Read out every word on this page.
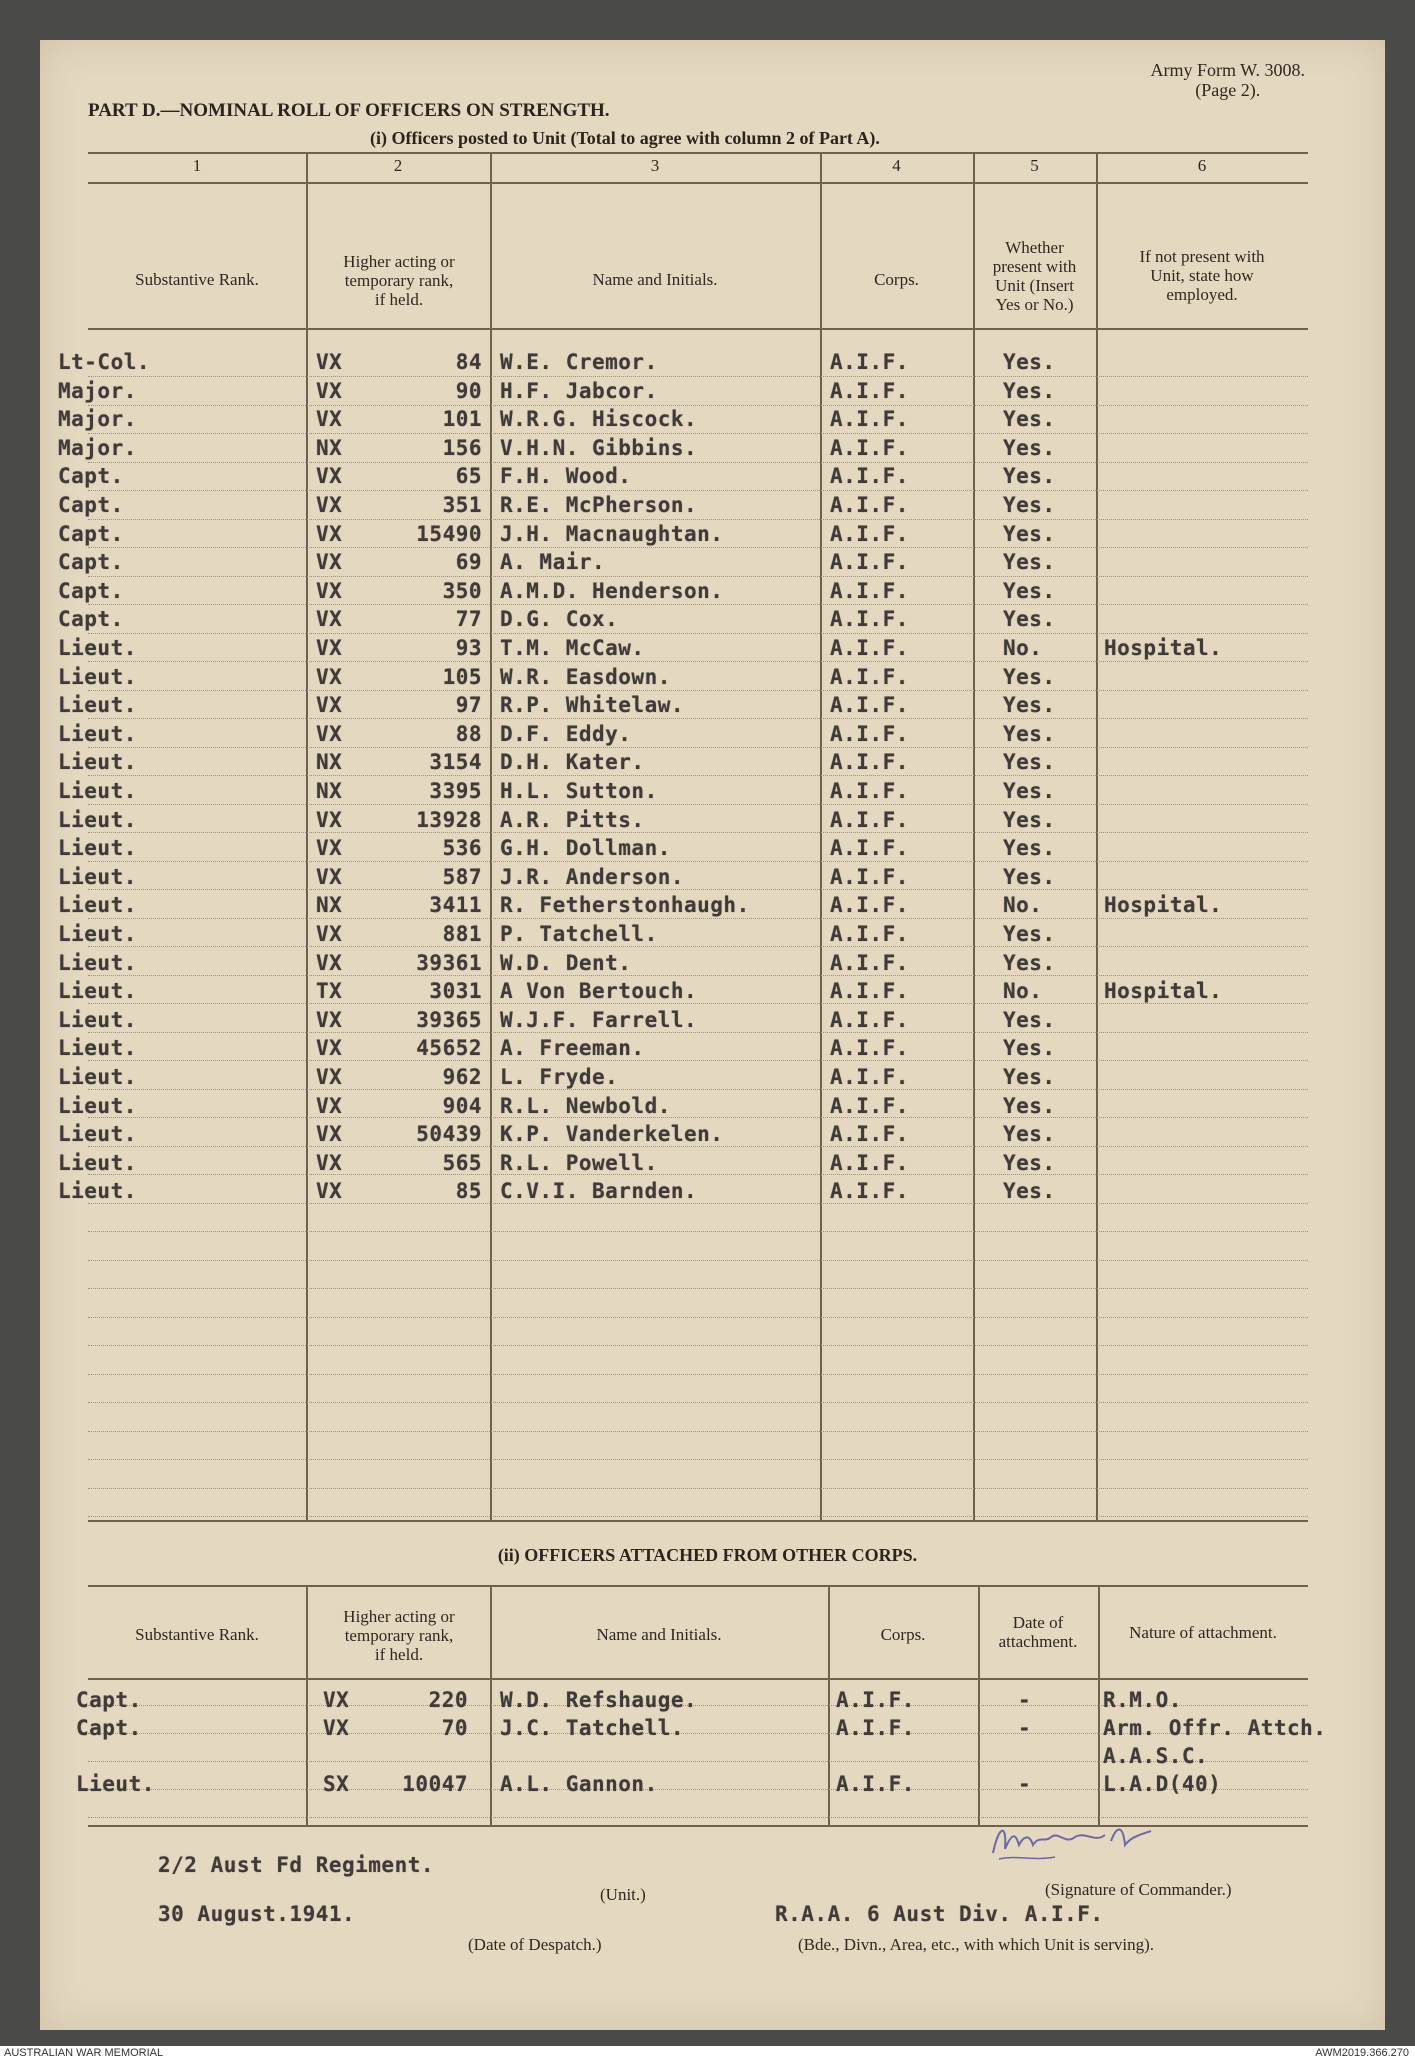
Army Form W. 3008.
(Page 2).
PART D.—NOMINAL ROLL OF OFFICERS ON STRENGTH.
(i) Officers posted to Unit (Total to agree with column 2 of Part A).
1	2	3	4	5	6
Substantive Rank.
Higher acting or
temporary rank,
if held.
Name and Initials.	Corps.
Whether
present with
Unit (Insert
Yes or No.)
If not present with
Unit, state how
employed.
Lt-Col.	VX	84 W.E. Cremor.	A.I.F.	Yes.
Major.	VX	90 H.F. Jabcor.	A.I.F.	Yes.
Major.	VX	101 W.R.G. Hiscock.	A.I.F.	Yes.
Major.	NX	156 V.H.N. Gibbins.	A.I.F.	Yes.
Capt.	VX	65 F.H. Wood.	A.I.F.	Yes.
Capt.	VX	351 R.E. McPherson.	A.I.F.	Yes.
Capt.	VX	15490 J.H. Macnaughtan.	A.I.F.	Yes.
Capt.	VX	69 A. Mair.	A.I.F.	Yes.
Capt.	VX	350 A.M.D. Henderson.	A.I.F.	Yes.
Capt.	VX	77 D.G. Cox.	A.I.F.	Yes.
Lieut.	VX	93 T.M. McCaw.	A.I.F.	No.	Hospital.
Lieut.	VX	105 W.R. Easdown.	A.I.F.	Yes.
Lieut.	VX	97 R.P. Whitelaw.	A.I.F.	Yes.
Lieut.	VX	88 D.F. Eddy.	A.I.F.	Yes.
Lieut.	NX	3154 D.H. Kater.	A.I.F.	Yes.
Lieut.	NX	3395 H.L. Sutton.	A.I.F.	Yes.
Lieut.	VX	13928 A.R. Pitts.	A.I.F.	Yes.
Lieut.	VX	536 G.H. Dollman.	A.I.F.	Yes.
Lieut.	VX	587 J.R. Anderson.	A.I.F.	Yes.
Lieut.	NX	3411 R. Fetherstonhaugh.	A.I.F.	No.	Hospital.
Lieut.	VX	881 P. Tatchell.	A.I.F.	Yes.
Lieut.	VX	39361 W.D. Dent.	A.I.F.	Yes.
Lieut.	TX	3031 A Von Bertouch.	A.I.F.	No.	Hospital.
Lieut.	VX	39365 W.J.F. Farrell.	A.I.F.	Yes.
Lieut.	VX	45652 A. Freeman.	A.I.F.	Yes.
Lieut.	VX	962 L. Fryde.	A.I.F.	Yes.
Lieut.	VX	904 R.L. Newbold.	A.I.F.	Yes.
Lieut.	VX	50439 K.P. Vanderkelen.	A.I.F.	Yes.
Lieut.	VX	565 R.L. Powell.	A.I.F.	Yes.
Lieut.	VX	85 C.V.I. Barnden.	A.I.F.	Yes.
(ii) OFFICERS ATTACHED FROM OTHER CORPS.
Substantive Rank.
Higher acting or
temporary rank,
if held.
Name and Initials.	Corps.
Date of
attachment.	Nature of attachment.
Capt.	VX	220 W.D. Refshauge.	A.I.F.	-	R.M.O.
Capt.	VX	70 J.C. Tatchell.	A.I.F.	-	Arm. Offr. Attch.
A.A.S.C.
Lieut.	SX	10047 A.L. Gannon.	A.I.F.	-	L.A.D(40)
2/2 Aust Fd Regiment.
(Unit.)	(Signature of Commander.)
30 August.1941.	R.A.A. 6 Aust Div. A.I.F.
(Date of Despatch.)	(Bde., Divn., Area, etc., with which Unit is serving).
AUSTRALIAN WAR MEMORIAL	AWM2019.366.270
